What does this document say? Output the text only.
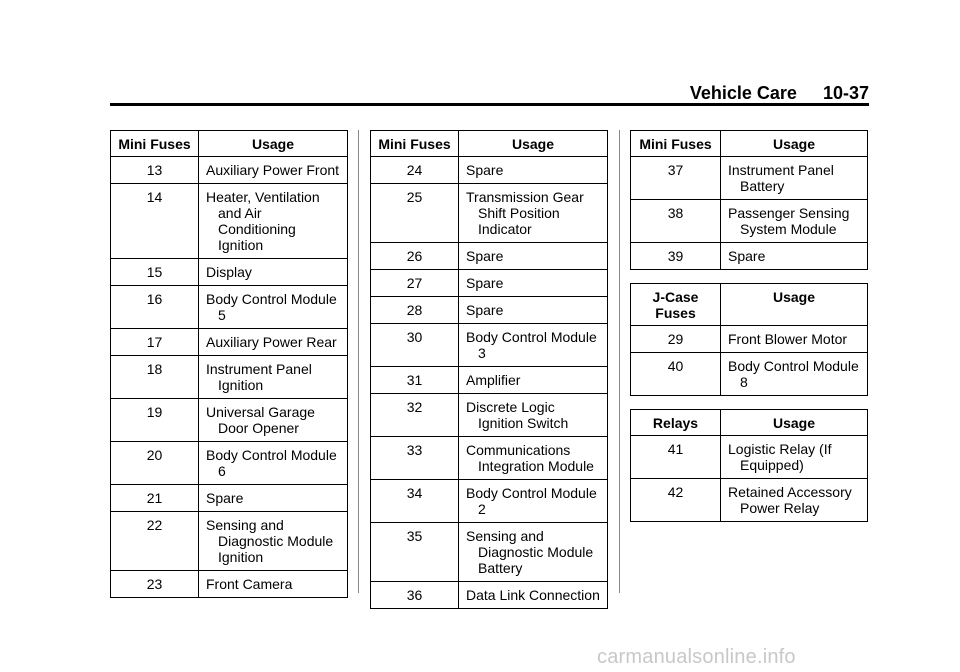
Vehicle Care 10-37
Mini Fuses	Usage
13	Auxiliary Power Front

14	Heater, Ventilation and Air Conditioning Ignition

15	Display

16	Body Control Module 5

17	Auxiliary Power Rear

18	Instrument Panel Ignition

19	Universal Garage Door Opener

20	Body Control Module 6

21	Spare

22	Sensing and Diagnostic Module Ignition

23	Front Camera
Mini Fuses	Usage
24	Spare

25	Transmission Gear Shift Position Indicator

26	Spare

27	Spare

28	Spare

30	Body Control Module 3

31	Amplifier

32	Discrete Logic Ignition Switch

33	Communications Integration Module

34	Body Control Module 2

35	Sensing and Diagnostic Module Battery

36	Data Link Connection
Mini Fuses	Usage
37	Instrument Panel Battery

38	Passenger Sensing System Module

39	Spare
J-Case Fuses	Usage
29	Front Blower Motor

40	Body Control Module 8
Relays	Usage
41	Logistic Relay (If Equipped)

42	Retained Accessory Power Relay
carmanualsonline.info
